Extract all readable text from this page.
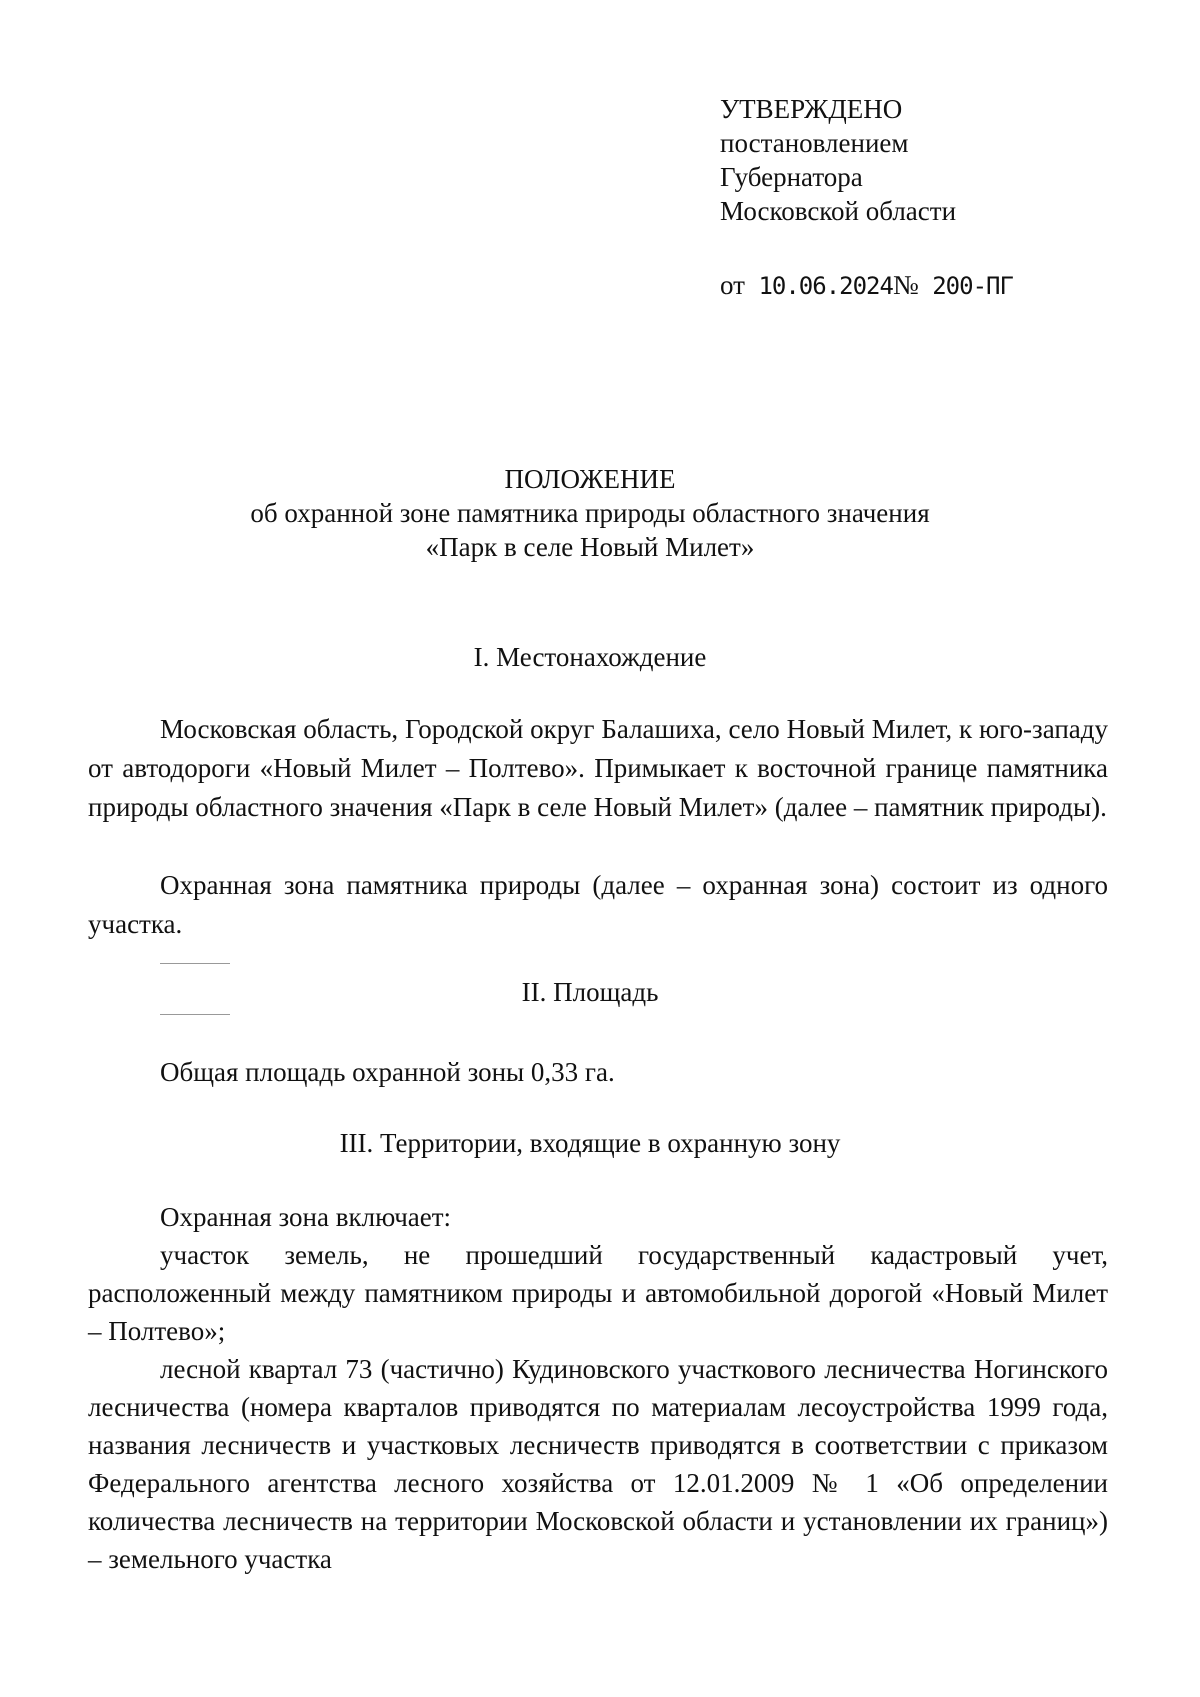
УТВЕРЖДЕНО
постановлением
Губернатора
Московской области
от 10.06.2024№ 200-ПГ
ПОЛОЖЕНИЕ
об охранной зоне памятника природы областного значения
«Парк в селе Новый Милет»
I. Местонахождение
Московская область, Городской округ Балашиха, село Новый Милет, к юго-западу от автодороги «Новый Милет – Полтево». Примыкает к восточной границе памятника природы областного значения «Парк в селе Новый Милет» (далее – памятник природы).
Охранная зона памятника природы (далее – охранная зона) состоит из одного участка.
II. Площадь
Общая площадь охранной зоны 0,33 га.
III. Территории, входящие в охранную зону
Охранная зона включает:
участок земель, не прошедший государственный кадастровый учет, расположенный между памятником природы и автомобильной дорогой «Новый Милет – Полтево»;
лесной квартал 73 (частично) Кудиновского участкового лесничества Ногинского лесничества (номера кварталов приводятся по материалам лесоустройства 1999 года, названия лесничеств и участковых лесничеств приводятся в соответствии с приказом Федерального агентства лесного хозяйства от 12.01.2009 № 1 «Об определении количества лесничеств на территории Московской области и установлении их границ») – земельного участка
